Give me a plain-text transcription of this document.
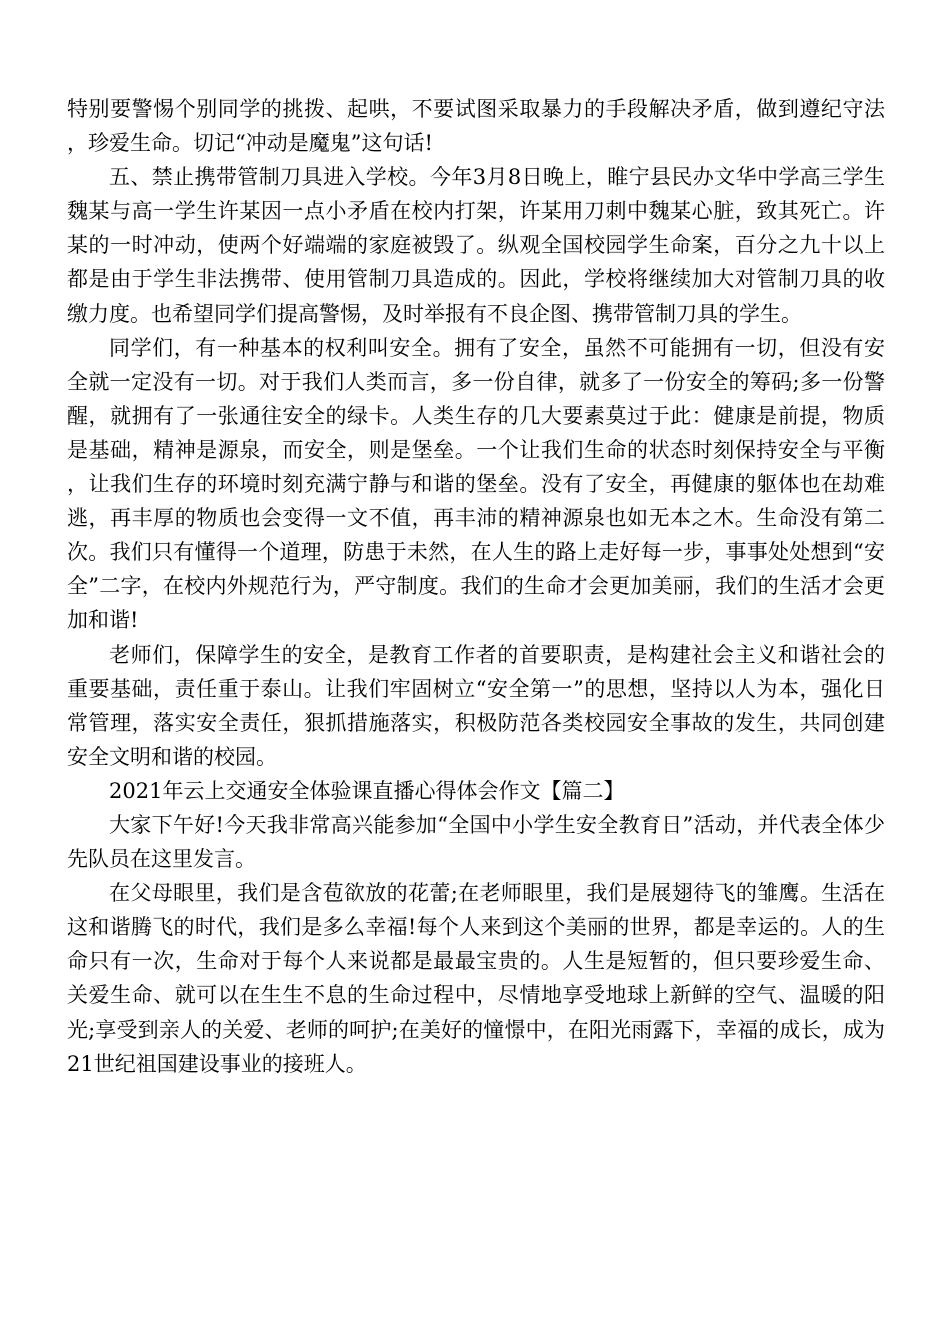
特别要警惕个别同学的挑拨、起哄，不要试图采取暴力的手段解决矛盾，做到遵纪守法，珍爱生命。切记“冲动是魔鬼”这句话!

五、禁止携带管制刀具进入学校。今年3月8日晚上，睢宁县民办文华中学高三学生魏某与高一学生许某因一点小矛盾在校内打架，许某用刀刺中魏某心脏，致其死亡。许某的一时冲动，使两个好端端的家庭被毁了。纵观全国校园学生命案，百分之九十以上都是由于学生非法携带、使用管制刀具造成的。因此，学校将继续加大对管制刀具的收缴力度。也希望同学们提高警惕，及时举报有不良企图、携带管制刀具的学生。

同学们，有一种基本的权利叫安全。拥有了安全，虽然不可能拥有一切，但没有安全就一定没有一切。对于我们人类而言，多一份自律，就多了一份安全的筹码;多一份警醒，就拥有了一张通往安全的绿卡。人类生存的几大要素莫过于此：健康是前提，物质是基础，精神是源泉，而安全，则是堡垒。一个让我们生命的状态时刻保持安全与平衡，让我们生存的环境时刻充满宁静与和谐的堡垒。没有了安全，再健康的躯体也在劫难逃，再丰厚的物质也会变得一文不值，再丰沛的精神源泉也如无本之木。生命没有第二次。我们只有懂得一个道理，防患于未然，在人生的路上走好每一步，事事处处想到“安全”二字，在校内外规范行为，严守制度。我们的生命才会更加美丽，我们的生活才会更加和谐!

老师们，保障学生的安全，是教育工作者的首要职责，是构建社会主义和谐社会的重要基础，责任重于泰山。让我们牢固树立“安全第一”的思想，坚持以人为本，强化日常管理，落实安全责任，狠抓措施落实，积极防范各类校园安全事故的发生，共同创建安全文明和谐的校园。

2021年云上交通安全体验课直播心得体会作文【篇二】

大家下午好!今天我非常高兴能参加“全国中小学生安全教育日”活动，并代表全体少先队员在这里发言。

在父母眼里，我们是含苞欲放的花蕾;在老师眼里，我们是展翅待飞的雏鹰。生活在这和谐腾飞的时代，我们是多么幸福!每个人来到这个美丽的世界，都是幸运的。人的生命只有一次，生命对于每个人来说都是最最宝贵的。人生是短暂的，但只要珍爱生命、关爱生命、就可以在生生不息的生命过程中，尽情地享受地球上新鲜的空气、温暖的阳光;享受到亲人的关爱、老师的呵护;在美好的憧憬中，在阳光雨露下，幸福的成长，成为21世纪祖国建设事业的接班人。
